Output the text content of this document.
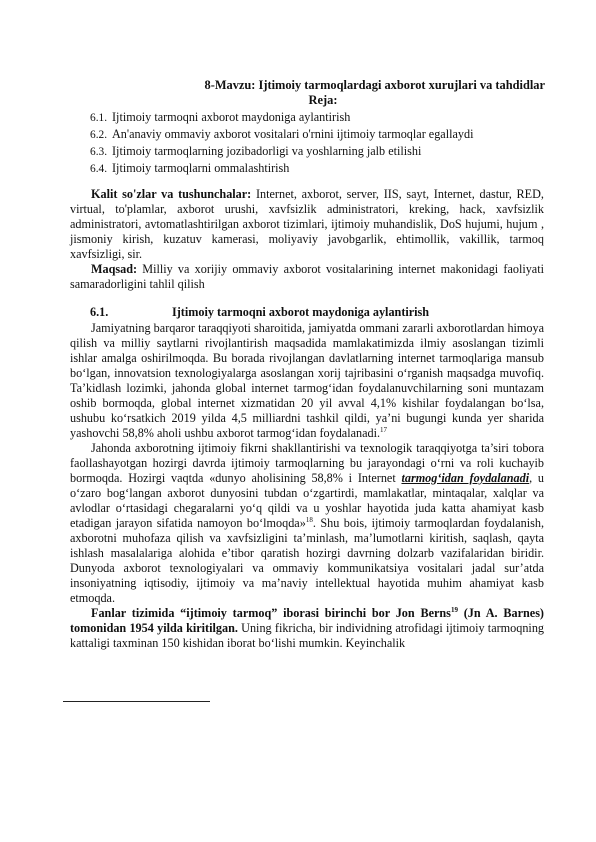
8-Mavzu: Ijtimoiy tarmoqlardagi axborot xurujlari va tahdidlar
Reja:
6.1. Ijtimoiy tarmoqni axborot maydoniga aylantirish
6.2. An'anaviy ommaviy axborot vositalari o'rnini ijtimoiy tarmoqlar egallaydi
6.3. Ijtimoiy tarmoqlarning jozibadorligi va yoshlarning jalb etilishi
6.4. Ijtimoiy tarmoqlarni ommalashtirish

Kalit so'zlar va tushunchalar: Internet, axborot, server, IIS, sayt, Internet, dastur, RED, virtual, to'plamlar, axborot urushi, xavfsizlik administratori, kreking, hack, xavfsizlik administratori, avtomatlashtirilgan axborot tizimlari, ijtimoiy muhandislik, DoS hujumi, hujum , jismoniy kirish, kuzatuv kamerasi, moliyaviy javobgarlik, ehtimollik, vakillik, tarmoq xavfsizligi, sir.

Maqsad: Milliy va xorijiy ommaviy axborot vositalarining internet makonidagi faoliyati samaradorligini tahlil qilish

6.1.	Ijtimoiy tarmoqni axborot maydoniga aylantirish

Jamiyatning barqaror taraqqiyoti sharoitida, jamiyatda ommani zararli axborotlardan himoya qilish va milliy saytlarni rivojlantirish maqsadida mamlakatimizda ilmiy asoslangan tizimli ishlar amalga oshirilmoqda. Bu borada rivojlangan davlatlarning internet tarmoqlariga mansub bo‘lgan, innovatsion texnologiyalarga asoslangan xorij tajribasini o‘rganish maqsadga muvofiq. Ta’kidlash lozimki, jahonda global internet tarmog‘idan foydalanuvchilarning soni muntazam oshib bormoqda, global internet xizmatidan 20 yil avval 4,1% kishilar foydalangan bo‘lsa, ushubu ko‘rsatkich 2019 yilda 4,5 milliardni tashkil qildi, ya’ni bugungi kunda yer sharida yashovchi 58,8% aholi ushbu axborot tarmog‘idan foydalanadi.$^{17}$

Jahonda axborotning ijtimoiy fikrni shakllantirishi va texnologik taraqqiyotga ta’siri tobora faollashayotgan hozirgi davrda ijtimoiy tarmoqlarning bu jarayondagi o‘rni va roli kuchayib bormoqda. Hozirgi vaqtda «dunyo aholisining 58,8% i Internet tarmog‘idan foydalanadi, u o‘zaro bog‘langan axborot dunyosini tubdan o‘zgartirdi, mamlakatlar, mintaqalar, xalqlar va avlodlar o‘rtasidagi chegaralarni yo‘q qildi va u yoshlar hayotida juda katta ahamiyat kasb etadigan jarayon sifatida namoyon bo‘lmoqda»$^{18}$. Shu bois, ijtimoiy tarmoqlardan foydalanish, axborotni muhofaza qilish va xavfsizligini ta’minlash, ma’lumotlarni kiritish, saqlash, qayta ishlash masalalariga alohida e’tibor qaratish hozirgi davrning dolzarb vazifalaridan biridir. Dunyoda axborot texnologiyalari va ommaviy kommunikatsiya vositalari jadal sur’atda insoniyatning iqtisodiy, ijtimoiy va ma’naviy intellektual hayotida muhim ahamiyat kasb etmoqda.

Fanlar tizimida “ijtimoiy tarmoq” iborasi birinchi bor Jon Berns$^{19}$ (Jn A. Barnes) tomonidan 1954 yilda kiritilgan. Uning fikricha, bir individning atrofidagi ijtimoiy tarmoqning kattaligi taxminan 150 kishidan iborat bo‘lishi mumkin. Keyinchalik
